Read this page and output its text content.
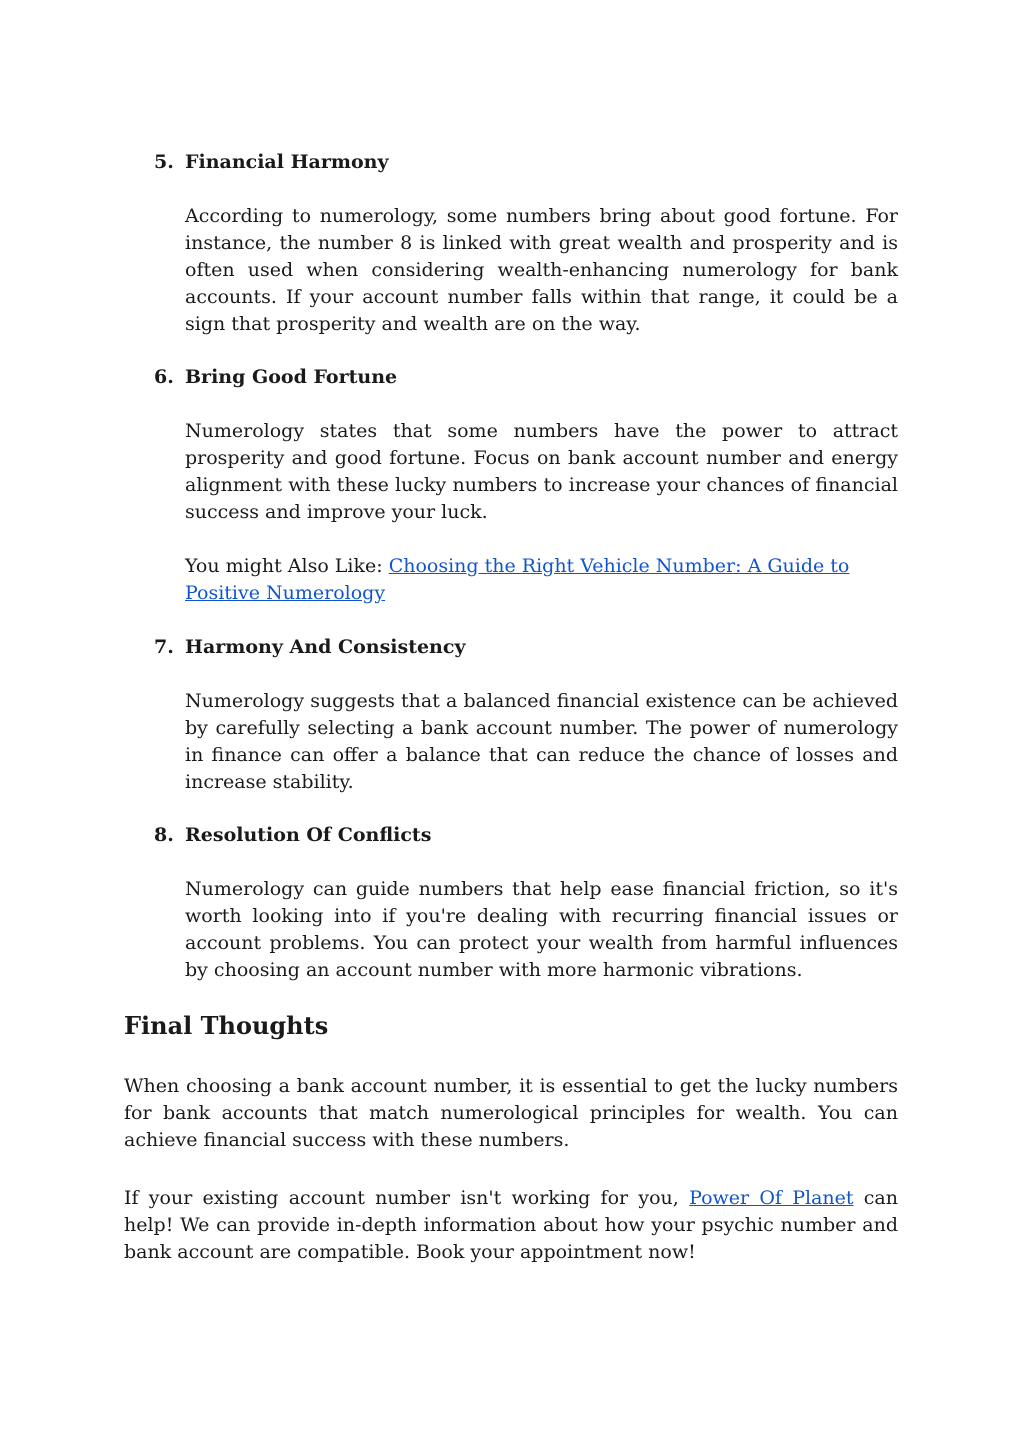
5. Financial Harmony

According to numerology, some numbers bring about good fortune. For instance, the number 8 is linked with great wealth and prosperity and is often used when considering wealth-enhancing numerology for bank accounts. If your account number falls within that range, it could be a sign that prosperity and wealth are on the way.

6. Bring Good Fortune

Numerology states that some numbers have the power to attract prosperity and good fortune. Focus on bank account number and energy alignment with these lucky numbers to increase your chances of financial success and improve your luck.

You might Also Like: Choosing the Right Vehicle Number: A Guide to Positive Numerology

7. Harmony And Consistency

Numerology suggests that a balanced financial existence can be achieved by carefully selecting a bank account number. The power of numerology in finance can offer a balance that can reduce the chance of losses and increase stability.

8. Resolution Of Conflicts

Numerology can guide numbers that help ease financial friction, so it's worth looking into if you're dealing with recurring financial issues or account problems. You can protect your wealth from harmful influences by choosing an account number with more harmonic vibrations.

Final Thoughts

When choosing a bank account number, it is essential to get the lucky numbers for bank accounts that match numerological principles for wealth. You can achieve financial success with these numbers.

If your existing account number isn't working for you, Power Of Planet can help! We can provide in-depth information about how your psychic number and bank account are compatible. Book your appointment now!
